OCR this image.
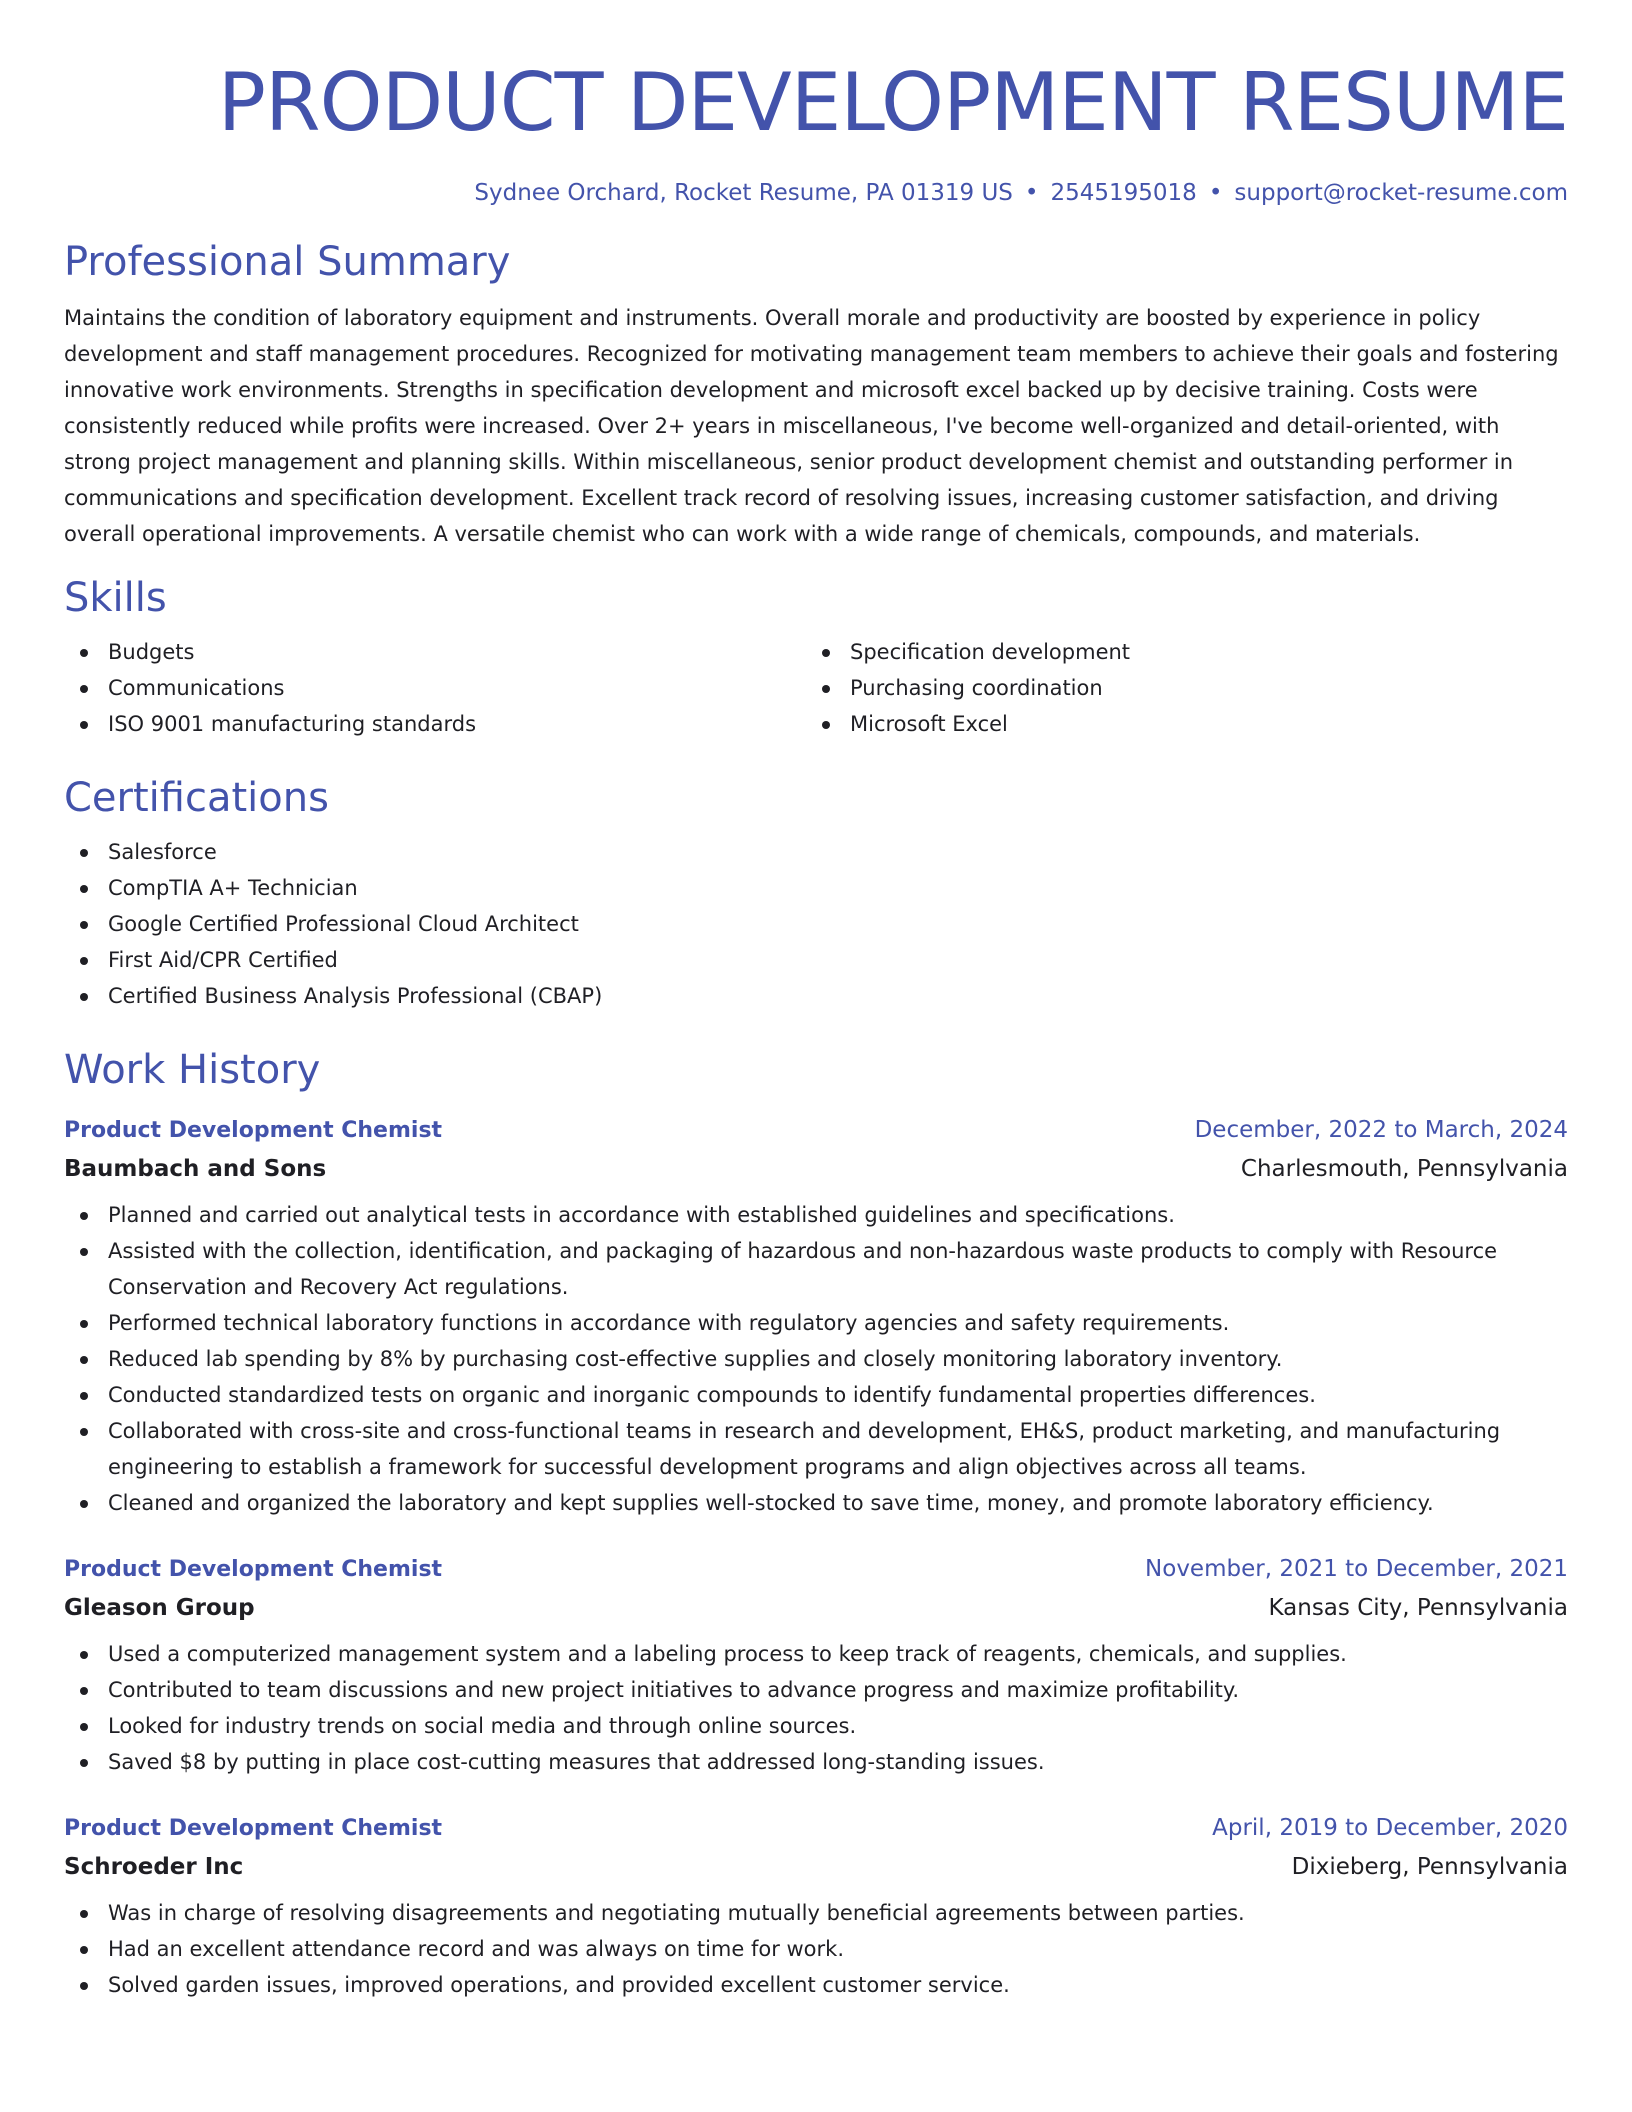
PRODUCT DEVELOPMENT RESUME
Sydnee Orchard, Rocket Resume, PA 01319 US • 2545195018 • support@rocket-resume.com
Professional Summary

Maintains the condition of laboratory equipment and instruments. Overall morale and productivity are boosted by experience in policy development and staff management procedures. Recognized for motivating management team members to achieve their goals and fostering innovative work environments. Strengths in specification development and microsoft excel backed up by decisive training. Costs were consistently reduced while profits were increased. Over 2+ years in miscellaneous, I've become well-organized and detail-oriented, with strong project management and planning skills. Within miscellaneous, senior product development chemist and outstanding performer in communications and specification development. Excellent track record of resolving issues, increasing customer satisfaction, and driving overall operational improvements. A versatile chemist who can work with a wide range of chemicals, compounds, and materials.

Skills
Budgets
Communications
ISO 9001 manufacturing standards
Specification development
Purchasing coordination
Microsoft Excel
Certifications
Salesforce
CompTIA A+ Technician
Google Certified Professional Cloud Architect
First Aid/CPR Certified
Certified Business Analysis Professional (CBAP)
Work History
Product Development Chemist	December, 2022 to March, 2024
Baumbach and Sons	Charlesmouth, Pennsylvania
Planned and carried out analytical tests in accordance with established guidelines and specifications.
Assisted with the collection, identification, and packaging of hazardous and non-hazardous waste products to comply with Resource Conservation and Recovery Act regulations.
Performed technical laboratory functions in accordance with regulatory agencies and safety requirements.
Reduced lab spending by 8% by purchasing cost-effective supplies and closely monitoring laboratory inventory.
Conducted standardized tests on organic and inorganic compounds to identify fundamental properties differences.
Collaborated with cross-site and cross-functional teams in research and development, EH&S, product marketing, and manufacturing engineering to establish a framework for successful development programs and align objectives across all teams.
Cleaned and organized the laboratory and kept supplies well-stocked to save time, money, and promote laboratory efficiency.
Product Development Chemist	November, 2021 to December, 2021
Gleason Group	Kansas City, Pennsylvania
Used a computerized management system and a labeling process to keep track of reagents, chemicals, and supplies.
Contributed to team discussions and new project initiatives to advance progress and maximize profitability.
Looked for industry trends on social media and through online sources.
Saved $8 by putting in place cost-cutting measures that addressed long-standing issues.
Product Development Chemist	April, 2019 to December, 2020
Schroeder Inc	Dixieberg, Pennsylvania
Was in charge of resolving disagreements and negotiating mutually beneficial agreements between parties.
Had an excellent attendance record and was always on time for work.
Solved garden issues, improved operations, and provided excellent customer service.
